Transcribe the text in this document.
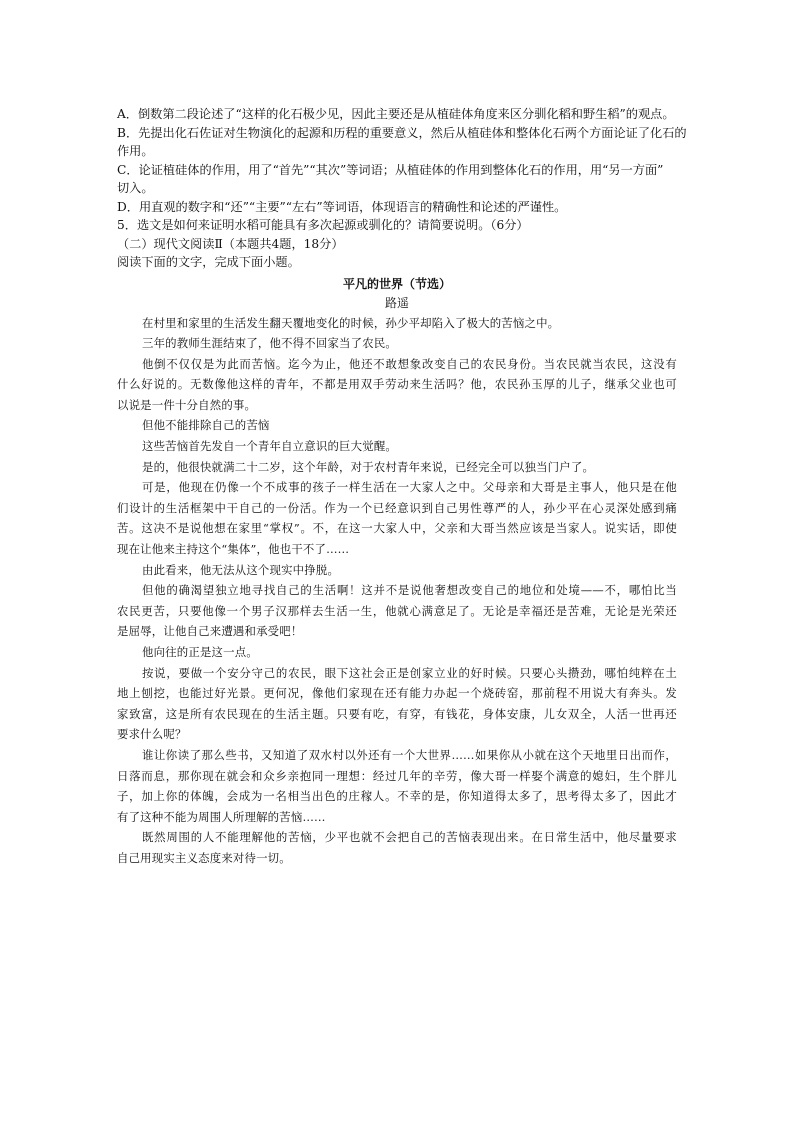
A．倒数第二段论述了“这样的化石极少见，因此主要还是从植硅体角度来区分驯化稻和野生稻”的观点。

B．先提出化石佐证对生物演化的起源和历程的重要意义，然后从植硅体和整体化石两个方面论证了化石的

作用。

C．论证植硅体的作用，用了“首先”“其次”等词语；从植硅体的作用到整体化石的作用，用“另一方面”

切入。

D．用直观的数字和“还”“主要”“左右”等词语，体现语言的精确性和论述的严谨性。

5．选文是如何来证明水稻可能具有多次起源或驯化的？请简要说明。（6分）

（二）现代文阅读Ⅱ（本题共4题，18分）

阅读下面的文字，完成下面小题。

平凡的世界（节选）
路遥

在村里和家里的生活发生翻天覆地变化的时候，孙少平却陷入了极大的苦恼之中。

三年的教师生涯结束了，他不得不回家当了农民。

他倒不仅仅是为此而苦恼。迄今为止，他还不敢想象改变自己的农民身份。当农民就当农民，这没有

什么好说的。无数像他这样的青年，不都是用双手劳动来生活吗？他，农民孙玉厚的儿子，继承父业也可

以说是一件十分自然的事。

但他不能排除自己的苦恼

这些苦恼首先发自一个青年自立意识的巨大觉醒。

是的，他很快就满二十二岁，这个年龄，对于农村青年来说，已经完全可以独当门户了。

可是，他现在仍像一个不成事的孩子一样生活在一大家人之中。父母亲和大哥是主事人，他只是在他

们设计的生活框架中干自己的一份活。作为一个已经意识到自己男性尊严的人，孙少平在心灵深处感到痛

苦。这决不是说他想在家里“掌权”。不，在这一大家人中，父亲和大哥当然应该是当家人。说实话，即使

现在让他来主持这个“集体”，他也干不了……

由此看来，他无法从这个现实中挣脱。

但他的确渴望独立地寻找自己的生活啊！这并不是说他奢想改变自己的地位和处境——不，哪怕比当

农民更苦，只要他像一个男子汉那样去生活一生，他就心满意足了。无论是幸福还是苦难，无论是光荣还

是屈辱，让他自己来遭遇和承受吧！

他向往的正是这一点。

按说，要做一个安分守己的农民，眼下这社会正是创家立业的好时候。只要心头攒劲，哪怕纯粹在土

地上刨挖，也能过好光景。更何况，像他们家现在还有能力办起一个烧砖窑，那前程不用说大有奔头。发

家致富，这是所有农民现在的生活主题。只要有吃，有穿，有钱花，身体安康，儿女双全，人活一世再还

要求什么呢？

谁让你读了那么些书，又知道了双水村以外还有一个大世界……如果你从小就在这个天地里日出而作，

日落而息，那你现在就会和众乡亲抱同一理想：经过几年的辛劳，像大哥一样娶个满意的媳妇，生个胖儿

子，加上你的体魄，会成为一名相当出色的庄稼人。不幸的是，你知道得太多了，思考得太多了，因此才

有了这种不能为周围人所理解的苦恼……

既然周围的人不能理解他的苦恼，少平也就不会把自己的苦恼表现出来。在日常生活中，他尽量要求

自己用现实主义态度来对待一切。
